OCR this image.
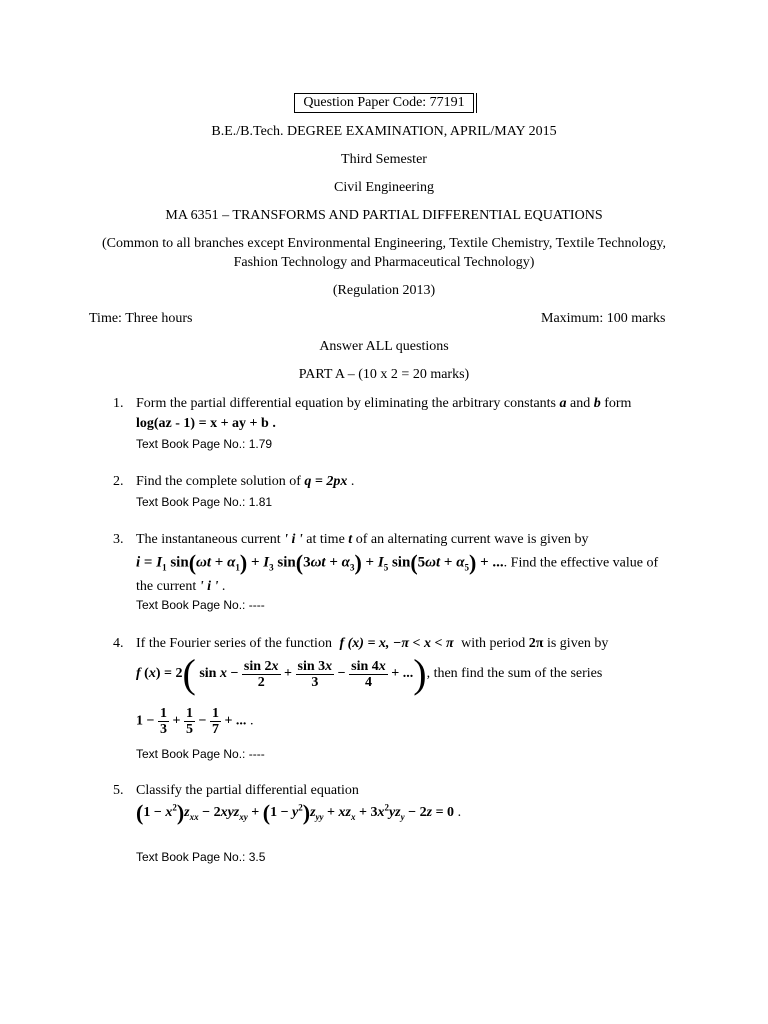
Question Paper Code: 77191
B.E./B.Tech. DEGREE EXAMINATION, APRIL/MAY 2015
Third Semester
Civil Engineering
MA 6351 – TRANSFORMS AND PARTIAL DIFFERENTIAL EQUATIONS
(Common to all branches except Environmental Engineering, Textile Chemistry, Textile Technology,
Fashion Technology and Pharmaceutical Technology)
(Regulation 2013)
Time: Three hours	Maximum: 100 marks
Answer ALL questions
PART A – (10 x 2 = 20 marks)
1. Form the partial differential equation by eliminating the arbitrary constants a and b form
log(az - 1) = x + ay + b .
Text Book Page No.: 1.79
2. Find the complete solution of q = 2px .
Text Book Page No.: 1.81
3. The instantaneous current ' i ' at time t of an alternating current wave is given by
$i = I_1$ $\sin(\omega t + \alpha_1) + I_3$ $\sin(3\omega t + \alpha_3) + I_5$ $\sin(5\omega t + \alpha_5)$ + .... Find the effective value of
the current ' i ' .
Text Book Page No.: ----
4. If the Fourier series of the function f (x) = x, −π < x < π with period 2π is given by
f (x) = 2( $\sin x - \frac{\sin 2x}{2} + \frac{\sin 3x}{3} - \frac{\sin 4x}{4}$ + ...), then find the sum of the series
$1 - \frac{1}{3} + \frac{1}{5} - \frac{1}{7}$ + ... .
Text Book Page No.: ----
5. Classify the partial differential equation
$(1 - x^2)z_{xx} - 2xyz_{xy} + (1 - y^2)z_{yy} + xz_x + 3x^2yz_y - 2z = 0$ .
Text Book Page No.: 3.5
